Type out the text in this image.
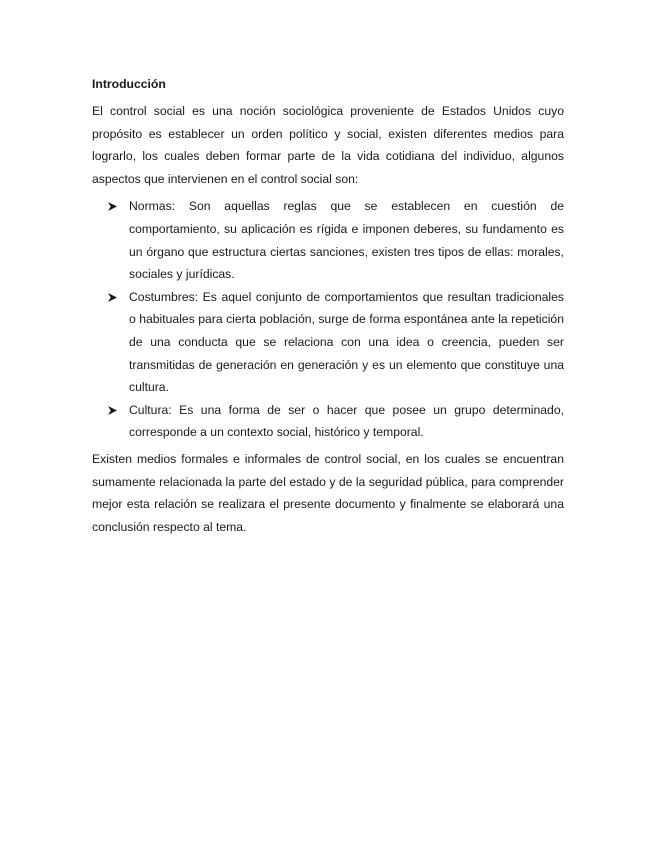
Introducción

El control social es una noción sociológica proveniente de Estados Unidos cuyo propósito es establecer un orden político y social, existen diferentes medios para lograrlo, los cuales deben formar parte de la vida cotidiana del individuo, algunos aspectos que intervienen en el control social son:

Normas: Son aquellas reglas que se establecen en cuestión de comportamiento, su aplicación es rígida e imponen deberes, su fundamento es un órgano que estructura ciertas sanciones, existen tres tipos de ellas: morales, sociales y jurídicas.
Costumbres: Es aquel conjunto de comportamientos que resultan tradicionales o habituales para cierta población, surge de forma espontánea ante la repetición de una conducta que se relaciona con una idea o creencia, pueden ser transmitidas de generación en generación y es un elemento que constituye una cultura.
Cultura: Es una forma de ser o hacer que posee un grupo determinado, corresponde a un contexto social, histórico y temporal.

Existen medios formales e informales de control social, en los cuales se encuentran sumamente relacionada la parte del estado y de la seguridad pública, para comprender mejor esta relación se realizara el presente documento y finalmente se elaborará una conclusión respecto al tema.
